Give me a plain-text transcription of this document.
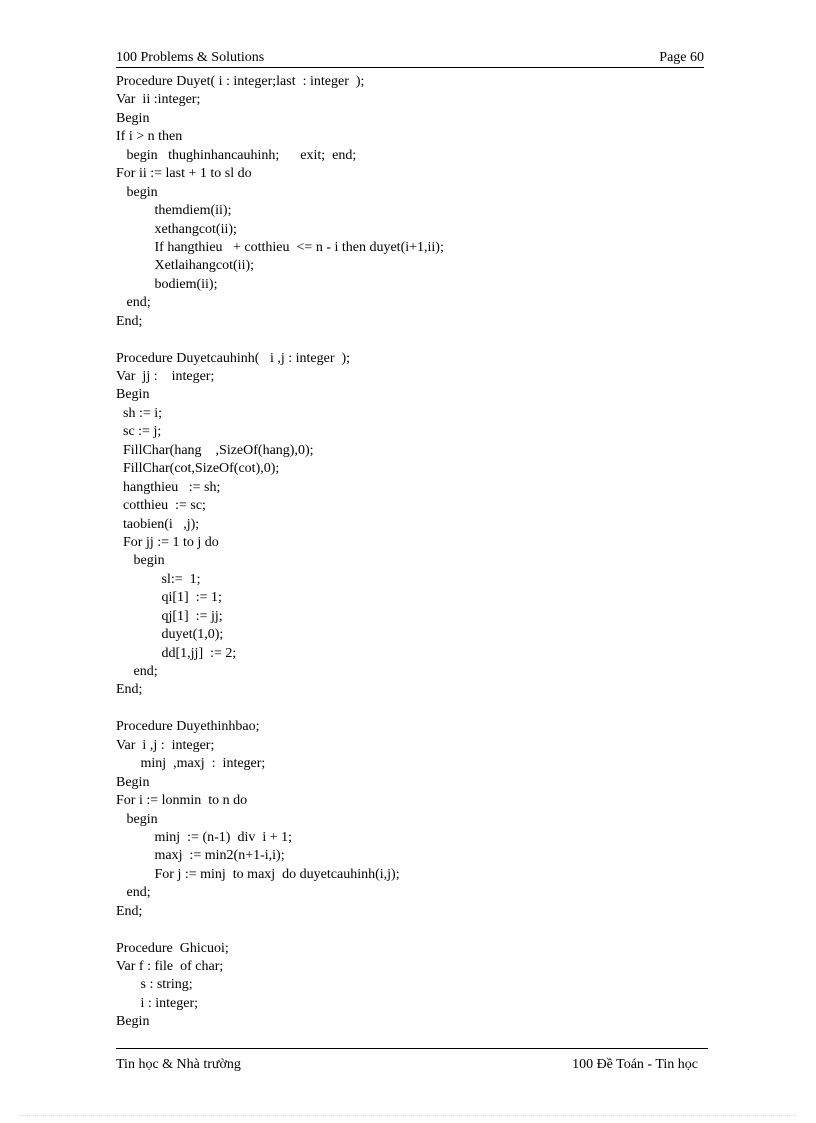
100 Problems & Solutions	Page 60
Procedure Duyet( i : integer;last  : integer  );
Var  ii :integer;
Begin
If i > n then
begin   thughinhancauhinh;      exit;  end;
For ii := last + 1 to sl do
begin
themdiem(ii);
xethangcot(ii);
If hangthieu   + cotthieu  <= n - i then duyet(i+1,ii);
Xetlaihangcot(ii);
bodiem(ii);
end;
End;
Procedure Duyetcauhinh(   i ,j : integer  );
Var  jj :    integer;
Begin
sh := i;
sc := j;
FillChar(hang    ,SizeOf(hang),0);
FillChar(cot,SizeOf(cot),0);
hangthieu   := sh;
cotthieu  := sc;
taobien(i   ,j);
For jj := 1 to j do
begin
sl:=  1;
qi[1]  := 1;
qj[1]  := jj;
duyet(1,0);
dd[1,jj]  := 2;
end;
End;
Procedure Duyethinhbao;
Var  i ,j :  integer;
minj  ,maxj  :  integer;
Begin
For i := lonmin  to n do
begin
minj  := (n-1)  div  i + 1;
maxj  := min2(n+1-i,i);
For j := minj  to maxj  do duyetcauhinh(i,j);
end;
End;
Procedure  Ghicuoi;
Var f : file  of char;
s : string;
i : integer;
Begin
Tin học & Nhà trường	100 Đề Toán - Tin học
